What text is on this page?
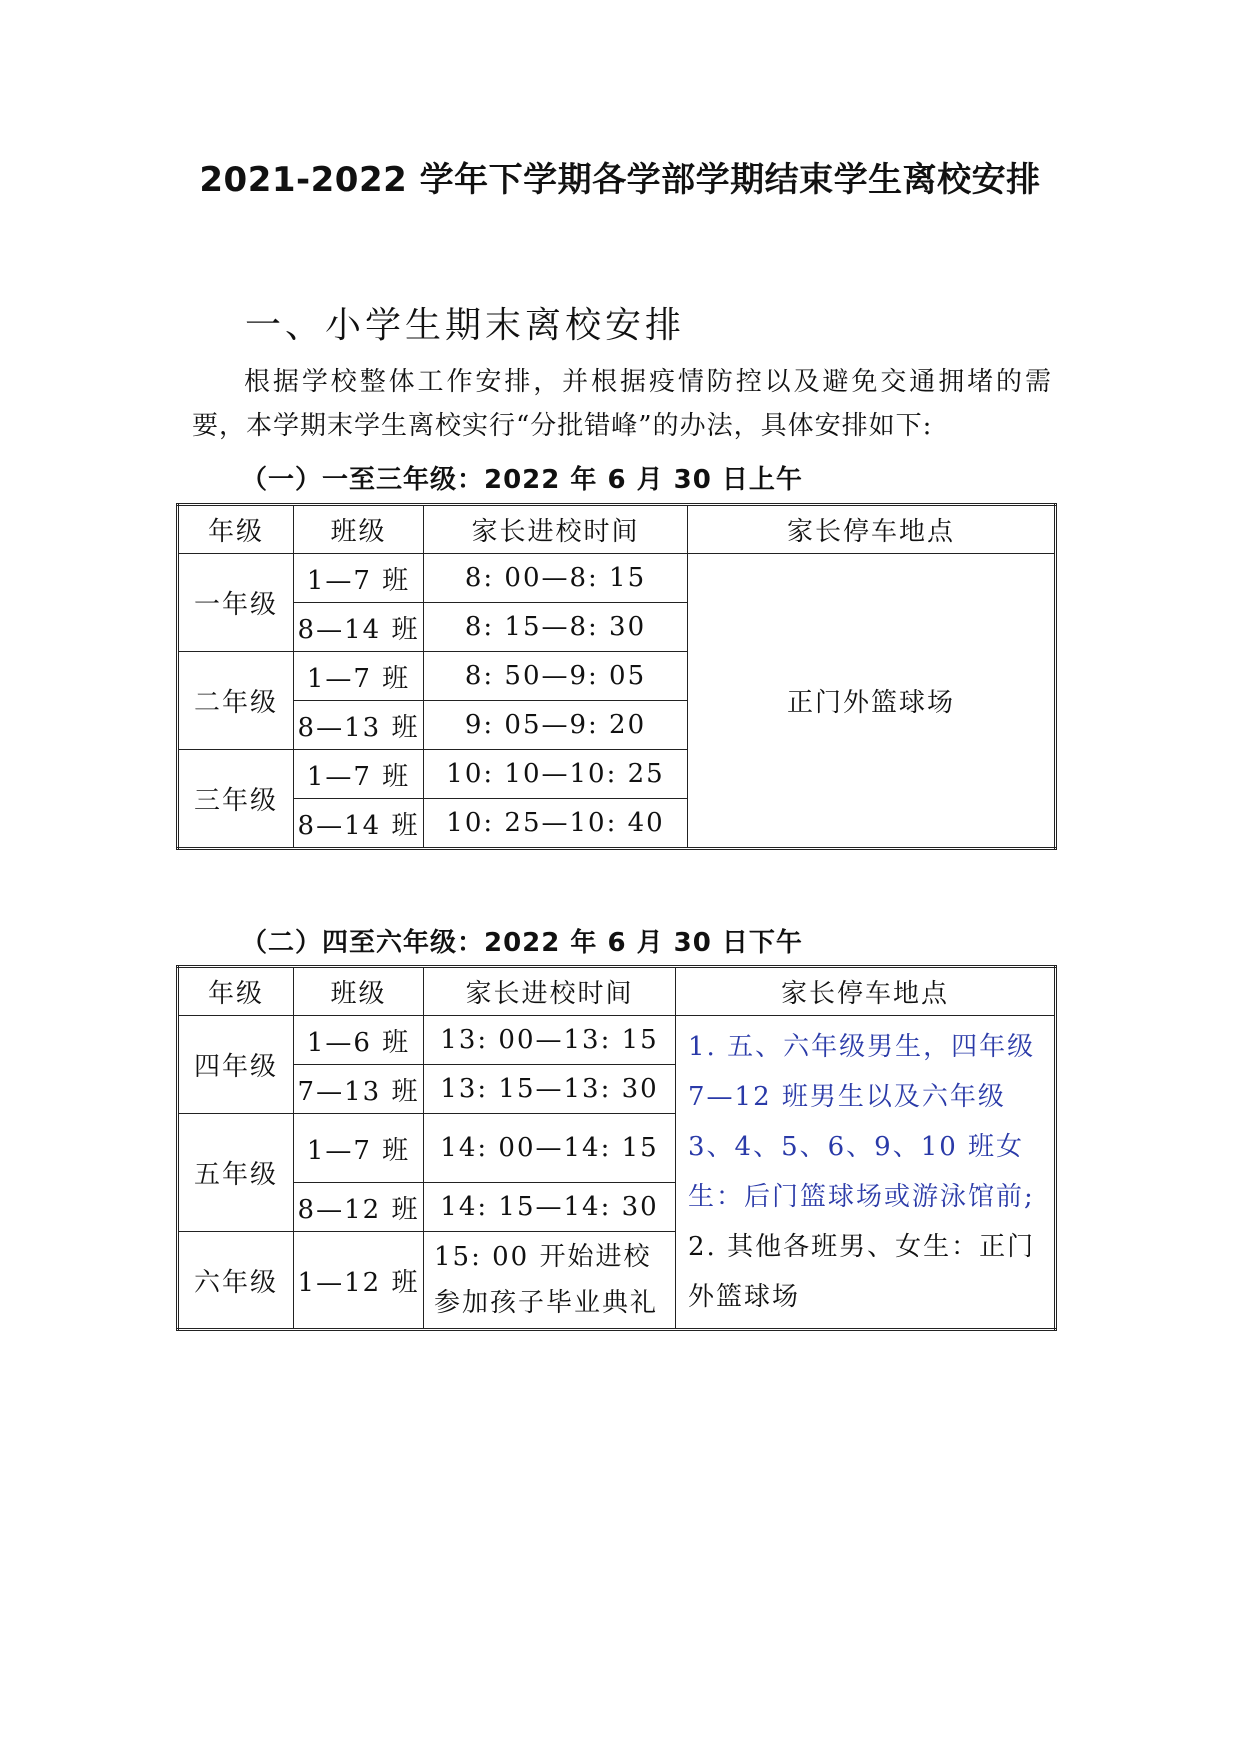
2021-2022 学年下学期各学部学期结束学生离校安排
一、小学生期末离校安排
根据学校整体工作安排，并根据疫情防控以及避免交通拥堵的需要，本学期末学生离校实行“分批错峰”的办法，具体安排如下:
（一）一至三年级：2022 年 6 月 30 日上午
年级	班级	家长进校时间	家长停车地点
一年级	1—7 班	8: 00—8: 15	正门外篮球场
	8—14 班	8: 15—8: 30	
二年级	1—7 班	8: 50—9: 05	
	8—13 班	9: 05—9: 20	
三年级	1—7 班	10: 10—10: 25	
	8—14 班	10: 25—10: 40	
（二）四至六年级：2022 年 6 月 30 日下午
年级	班级	家长进校时间	家长停车地点
四年级	1—6 班	13: 00—13: 15	1. 五、六年级男生，四年级 7—12 班男生以及六年级 3、4、5、6、9、10 班女生：后门篮球场或游泳馆前;
2. 其他各班男、女生：正门外篮球场

	7—13 班	13: 15—13: 30	
五年级	1—7 班	14: 00—14: 15	
	8—12 班	14: 15—14: 30	
六年级	1—12 班	15: 00 开始进校参加孩子毕业典礼	
